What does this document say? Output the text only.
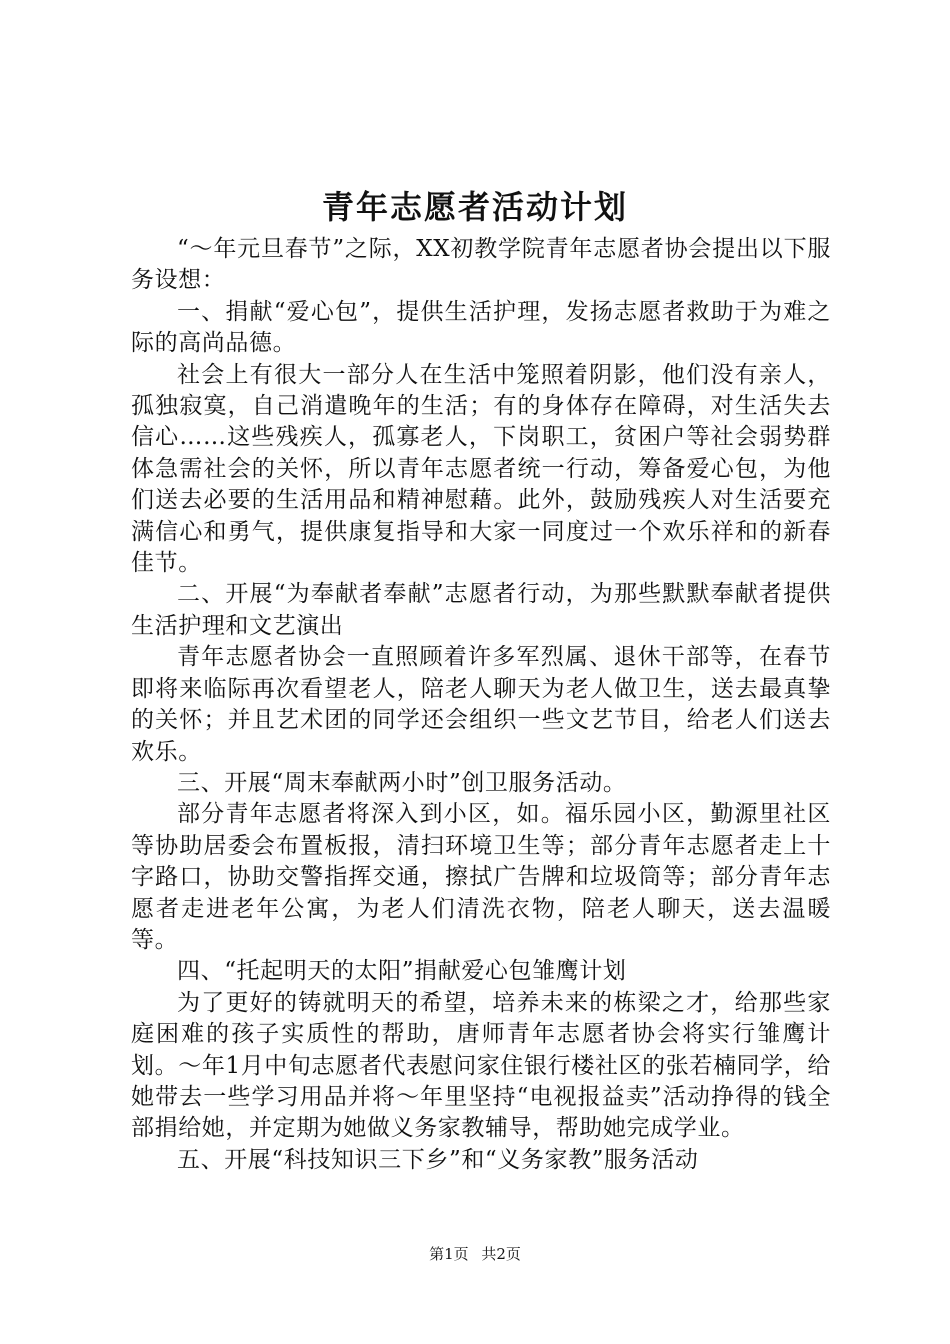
青年志愿者活动计划

“～年元旦春节”之际，XX初教学院青年志愿者协会提出以下服务设想：

一、捐献“爱心包”，提供生活护理，发扬志愿者救助于为难之际的高尚品德。

社会上有很大一部分人在生活中笼照着阴影，他们没有亲人，孤独寂寞，自己消遣晚年的生活；有的身体存在障碍，对生活失去信心……这些残疾人，孤寡老人，下岗职工，贫困户等社会弱势群体急需社会的关怀，所以青年志愿者统一行动，筹备爱心包，为他们送去必要的生活用品和精神慰藉。此外，鼓励残疾人对生活要充满信心和勇气，提供康复指导和大家一同度过一个欢乐祥和的新春佳节。

二、开展“为奉献者奉献”志愿者行动，为那些默默奉献者提供生活护理和文艺演出

青年志愿者协会一直照顾着许多军烈属、退休干部等，在春节即将来临际再次看望老人，陪老人聊天为老人做卫生，送去最真挚的关怀；并且艺术团的同学还会组织一些文艺节目，给老人们送去欢乐。

三、开展“周末奉献两小时”创卫服务活动。

部分青年志愿者将深入到小区，如。福乐园小区，勤源里社区等协助居委会布置板报，清扫环境卫生等；部分青年志愿者走上十字路口，协助交警指挥交通，擦拭广告牌和垃圾筒等；部分青年志愿者走进老年公寓，为老人们清洗衣物，陪老人聊天，送去温暖等。

四、“托起明天的太阳”捐献爱心包雏鹰计划

为了更好的铸就明天的希望，培养未来的栋梁之才，给那些家庭困难的孩子实质性的帮助，唐师青年志愿者协会将实行雏鹰计划。～年1月中旬志愿者代表慰问家住银行楼社区的张若楠同学，给她带去一些学习用品并将～年里坚持“电视报益卖”活动挣得的钱全部捐给她，并定期为她做义务家教辅导，帮助她完成学业。

五、开展“科技知识三下乡”和“义务家教”服务活动

第1页 共2页
